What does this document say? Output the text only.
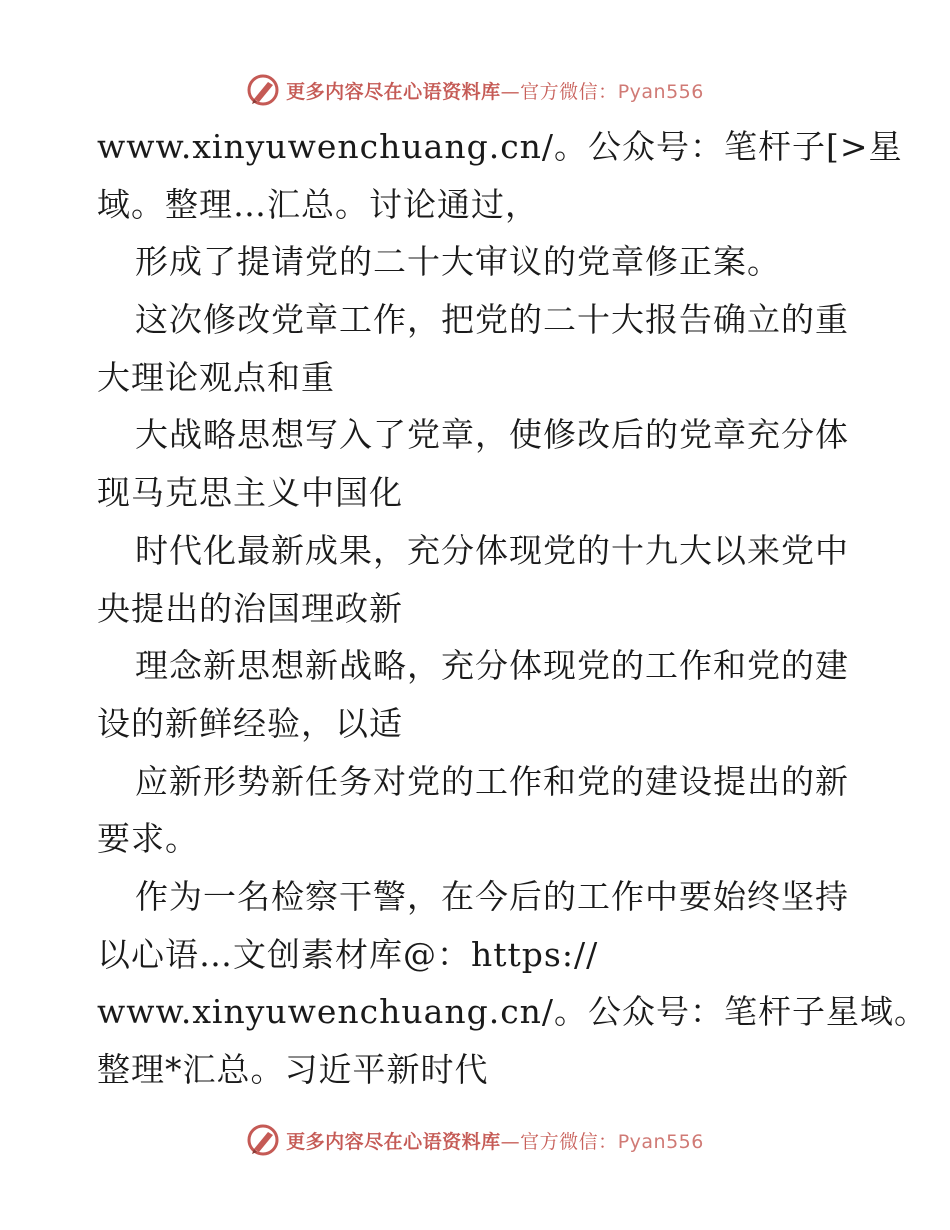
更多内容尽在心语资料库—官方微信：Pyan556
www.xinyuwenchuang.cn/。公众号：笔杆子[>星
域。整理…汇总。讨论通过，
形成了提请党的二十大审议的党章修正案。
这次修改党章工作，把党的二十大报告确立的重
大理论观点和重
大战略思想写入了党章，使修改后的党章充分体
现马克思主义中国化
时代化最新成果，充分体现党的十九大以来党中
央提出的治国理政新
理念新思想新战略，充分体现党的工作和党的建
设的新鲜经验，以适
应新形势新任务对党的工作和党的建设提出的新
要求。
作为一名检察干警，在今后的工作中要始终坚持
以心语…文创素材库@：https://
www.xinyuwenchuang.cn/。公众号：笔杆子星域。
整理*汇总。习近平新时代
更多内容尽在心语资料库—官方微信：Pyan556
